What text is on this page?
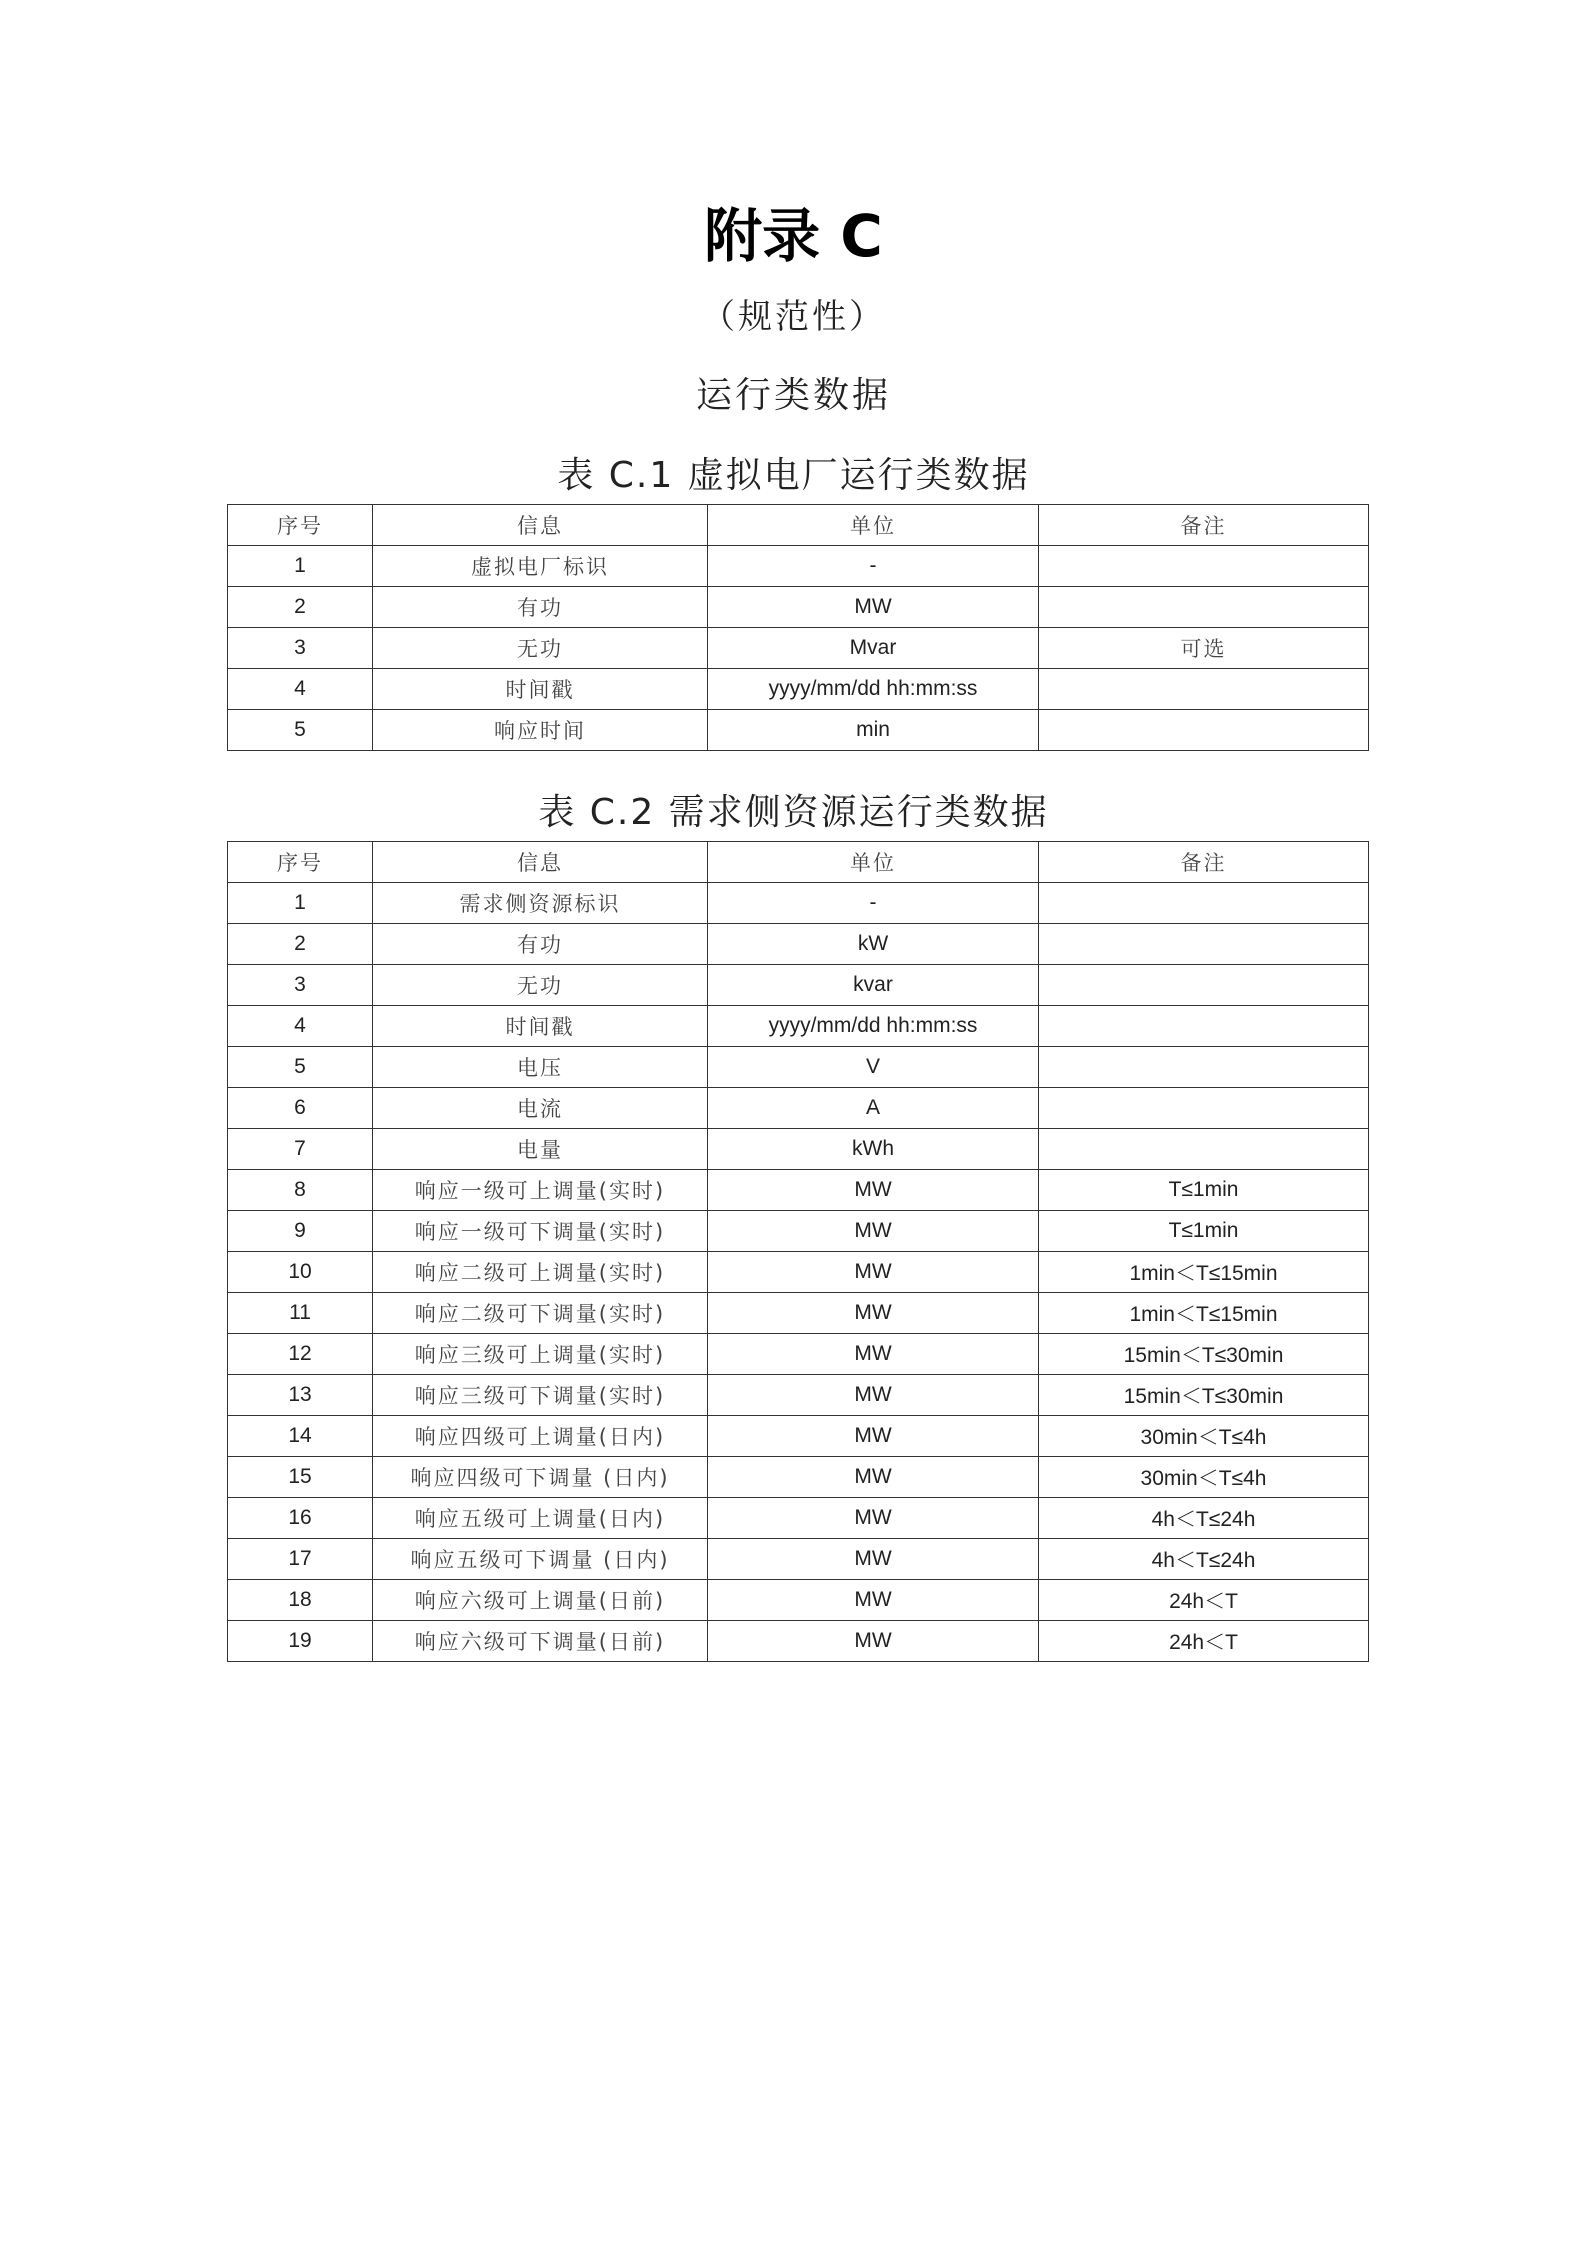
附录 C
（规范性）
运行类数据
表 C.1 虚拟电厂运行类数据
序号	信息	单位	备注
1	虚拟电厂标识	-	
2	有功	MW	
3	无功	Mvar	可选
4	时间戳	yyyy/mm/dd hh:mm:ss	
5	响应时间	min	
表 C.2 需求侧资源运行类数据
序号	信息	单位	备注
1	需求侧资源标识	-	
2	有功	kW	
3	无功	kvar	
4	时间戳	yyyy/mm/dd hh:mm:ss	
5	电压	V	
6	电流	A	
7	电量	kWh	
8	响应一级可上调量(实时)	MW	T≤1min
9	响应一级可下调量(实时)	MW	T≤1min
10	响应二级可上调量(实时)	MW	1min＜T≤15min
11	响应二级可下调量(实时)	MW	1min＜T≤15min
12	响应三级可上调量(实时)	MW	15min＜T≤30min
13	响应三级可下调量(实时)	MW	15min＜T≤30min
14	响应四级可上调量(日内)	MW	30min＜T≤4h
15	响应四级可下调量 (日内)	MW	30min＜T≤4h
16	响应五级可上调量(日内)	MW	4h＜T≤24h
17	响应五级可下调量 (日内)	MW	4h＜T≤24h
18	响应六级可上调量(日前)	MW	24h＜T
19	响应六级可下调量(日前)	MW	24h＜T
